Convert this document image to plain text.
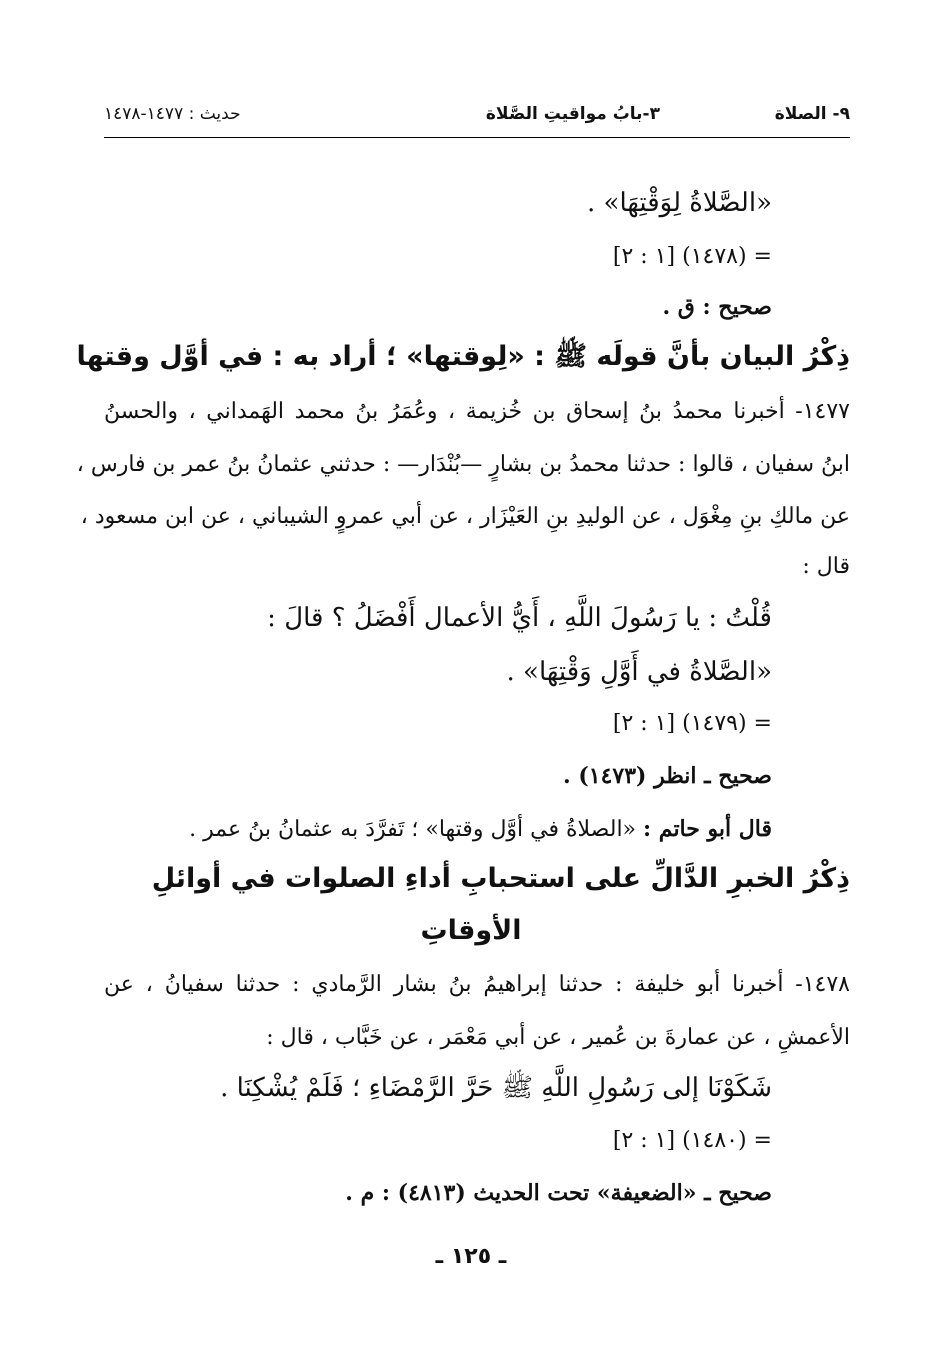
٩- الصلاة
٣-بابُ مواقيتِ الصَّلاة
حديث : ١٤٧٧-١٤٧٨
«الصَّلاةُ لِوَقْتِهَا» .
= (١٤٧٨) [١ : ٢]
صحيح : ق .
ذِكْرُ البيان بأنَّ قولَه ﷺ : «لِوقتها» ؛ أراد به : في أوَّل وقتها
١٤٧٧- أخبرنا محمدُ بنُ إسحاق بن خُزيمة ، وعُمَرُ بنُ محمد الهَمداني ، والحسنُ
ابنُ سفيان ، قالوا : حدثنا محمدُ بن بشارٍ —بُنْدَار— : حدثني عثمانُ بنُ عمر بن فارس ،
عن مالكِ بنِ مِغْوَل ، عن الوليدِ بنِ العَيْزَار ، عن أبي عمروٍ الشيباني ، عن ابن مسعود ،
قال :
قُلْتُ : يا رَسُولَ اللَّهِ ، أَيُّ الأعمال أَفْضَلُ ؟ قالَ :
«الصَّلاةُ في أَوَّلِ وَقْتِهَا» .
= (١٤٧٩) [١ : ٢]
صحيح ـ انظر (١٤٧٣) .
قال أبو حاتم : «الصلاةُ في أوَّل وقتها» ؛ تَفرَّدَ به عثمانُ بنُ عمر .
ذِكْرُ الخبرِ الدَّالِّ على استحبابِ أداءِ الصلوات في أوائلِ
الأوقاتِ
١٤٧٨- أخبرنا أبو خليفة : حدثنا إبراهيمُ بنُ بشار الرَّمادي : حدثنا سفيانُ ، عن
الأعمشِ ، عن عمارةَ بن عُمير ، عن أبي مَعْمَر ، عن خَبَّاب ، قال :
شَكَوْنَا إلى رَسُولِ اللَّهِ ﷺ حَرَّ الرَّمْضَاءِ ؛ فَلَمْ يُشْكِنَا .
= (١٤٨٠) [١ : ٢]
صحيح ـ «الضعيفة» تحت الحديث (٤٨١٣) : م .
ـ ١٢٥ ـ
